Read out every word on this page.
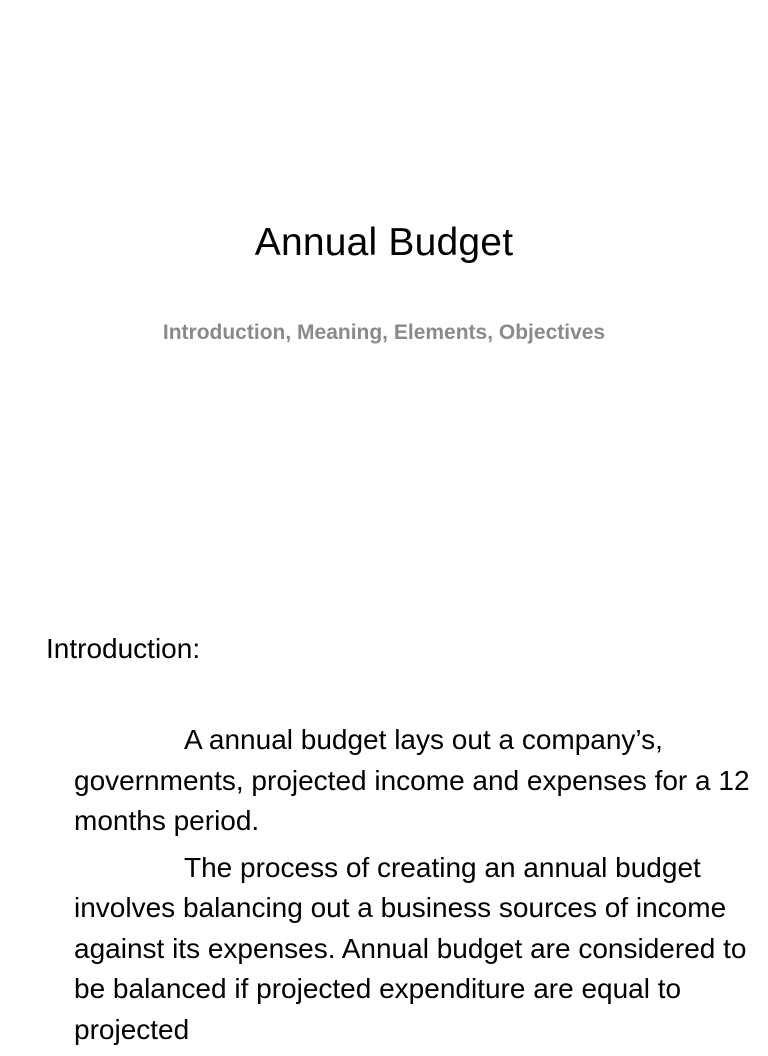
Annual Budget
Introduction, Meaning, Elements, Objectives
Introduction:

A annual budget lays out a company’s, governments, projected income and expenses for a 12 months period.

The process of creating an annual budget involves balancing out a business sources of income against its expenses. Annual budget are considered to be balanced if projected expenditure are equal to projected
